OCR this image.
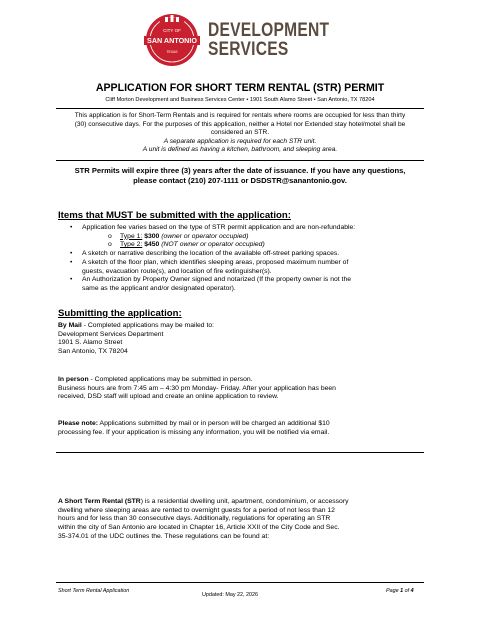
CITY OF
SAN ANTONIO
TEXAS
DEVELOPMENT
SERVICES
APPLICATION FOR SHORT TERM RENTAL (STR) PERMIT
Cliff Morton Development and Business Services Center • 1901 South Alamo Street • San Antonio, TX 78204
This application is for Short-Term Rentals and is required for rentals where rooms are occupied for less than thirty
(30) consecutive days. For the purposes of this application, neither a Hotel nor Extended stay hotel/motel shall be
considered an STR.
A separate application is required for each STR unit.
A unit is defined as having a kitchen, bathroom, and sleeping area.
STR Permits will expire three (3) years after the date of issuance. If you have any questions,
please contact (210) 207-1111 or DSDSTR@sanantonio.gov.
Items that MUST be submitted with the application:
• Application fee varies based on the type of STR permit application and are non-refundable:
o Type 1: $300 (owner or operator occupied)
o Type 2: $450 (NOT owner or operator occupied)
• A sketch or narrative describing the location of the available off-street parking spaces.
• A sketch of the floor plan, which identifies sleeping areas, proposed maximum number of
guests, evacuation route(s), and location of fire extinguisher(s).
• An Authorization by Property Owner signed and notarized (If the property owner is not the
same as the applicant and/or designated operator).
Submitting the application:
By Mail - Completed applications may be mailed to:
Development Services Department
1901 S. Alamo Street
San Antonio, TX 78204
In person - Completed applications may be submitted in person.
Business hours are from 7:45 am – 4:30 pm Monday- Friday. After your application has been
received, DSD staff will upload and create an online application to review.
Please note: Applications submitted by mail or in person will be charged an additional $10
processing fee. If your application is missing any information, you will be notified via email.
A Short Term Rental (STR) is a residential dwelling unit, apartment, condominium, or accessory
dwelling where sleeping areas are rented to overnight guests for a period of not less than 12
hours and for less than 30 consecutive days. Additionally, regulations for operating an STR
within the city of San Antonio are located in Chapter 16, Article XXII of the City Code and Sec.
35-374.01 of the UDC outlines the. These regulations can be found at:
Short Term Rental Application
Updated: May 22, 2026
Page 1 of 4
